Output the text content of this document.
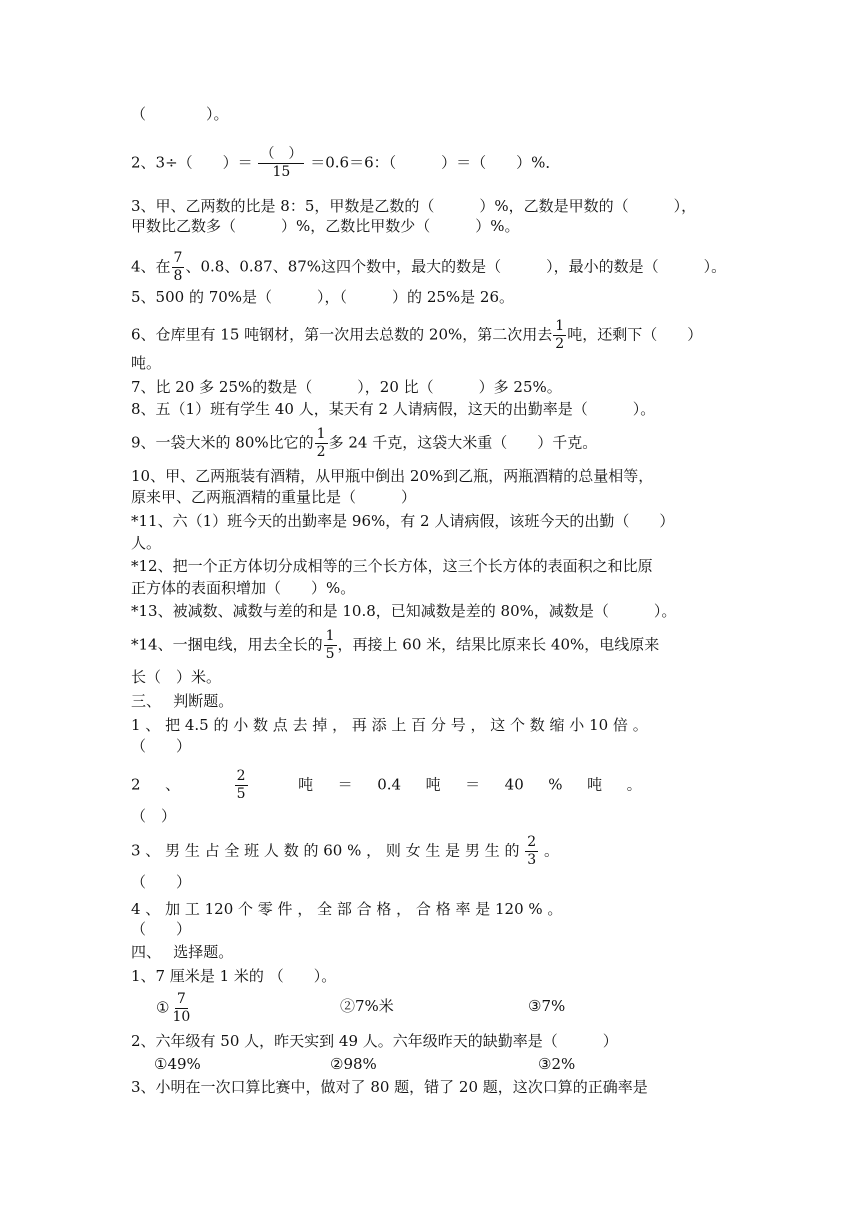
（　　　　）。
2、3÷（　　）＝ $\frac{( )}{15} =0.6=6$：（　　　）＝（　　）%．
3、甲、乙两数的比是 8：5，甲数是乙数的（　　　）%，乙数是甲数的（　　　），
甲数比乙数多（　　　）%，乙数比甲数少（　　　）%。
4、在 $\frac{7}{8}$ 、0.8、0.87、87%这四个数中，最大的数是（　　　），最小的数是（　　　）。
5、500 的 70%是（　　　），（　　　）的 25%是 26。
6、仓库里有 15 吨钢材，第一次用去总数的 20%，第二次用去 $\frac{1}{2}$ 吨，还剩下（　　）
吨。
7、比 20 多 25%的数是（　　　），20 比（　　　）多 25%。
8、五（1）班有学生 40 人，某天有 2 人请病假，这天的出勤率是（　　　）。
9、一袋大米的 80%比它的 $\frac{1}{2}$ 多 24 千克，这袋大米重（　　）千克。
10、甲、乙两瓶装有酒精，从甲瓶中倒出 20%到乙瓶，两瓶酒精的总量相等，
原来甲、乙两瓶酒精的重量比是（　　　）
*11、六（1）班今天的出勤率是 96%，有 2 人请病假，该班今天的出勤（　　）
人。
*12、把一个正方体切分成相等的三个长方体，这三个长方体的表面积之和比原
正方体的表面积增加（　　）%。
*13、被减数、减数与差的和是 10.8，已知减数是差的 80%，减数是（　　　）。
*14、一捆电线，用去全长的 $\frac{1}{5}$ ，再接上 60 米，结果比原来长 40%，电线原来
长（　）米。
三、　 判断题。
1 、 把 4.5 的 小 数 点 去 掉 ， 再 添 上 百 分 号 ， 这 个 数 缩 小 10 倍 。
（　　）
2 　 、	$\frac{2}{5}$	吨 　 ＝ 　 0.4 　 吨 　 ＝ 　 40 　 % 　 吨 　 。
（　）
3 、 男 生 占 全 班 人 数 的 60 % ， 则 女 生 是 男 生 的 $\frac{2}{3}$ 。
（　　）
4 、 加 工 120 个 零 件 ， 全 部 合 格 ， 合 格 率 是 120 % 。
（　　）
四、　 选择题。
1、7 厘米是 1 米的 （　　）。
① $\frac{7}{10}$	②7%米	③7%
2、六年级有 50 人，昨天实到 49 人。六年级昨天的缺勤率是（　　　）
①49%	②98%	③2%
3、小明在一次口算比赛中，做对了 80 题，错了 20 题，这次口算的正确率是
